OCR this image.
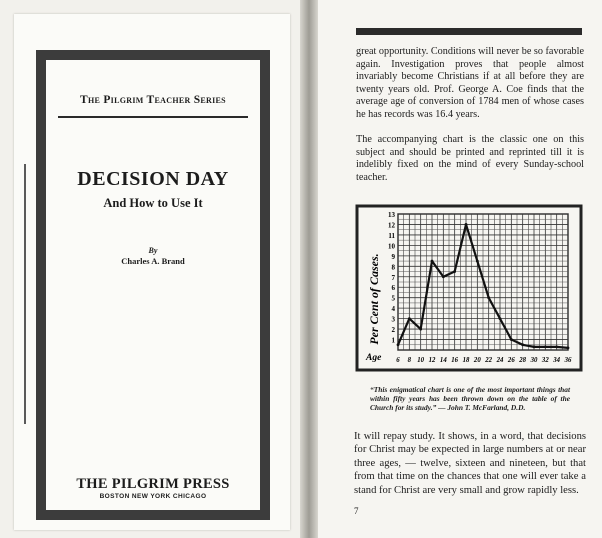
The Pilgrim Teacher Series
DECISION DAY
And How to Use It
By
Charles A. Brand
THE PILGRIM PRESS
BOSTON NEW YORK CHICAGO
great opportunity. Conditions will never be so favorable again. Investigation proves that people almost invariably become Christians if at all before they are twenty years old. Prof. George A. Coe finds that the average age of conversion of 1784 men of whose cases he has records was 16.4 years.
The accompanying chart is the classic one on this subject and should be printed and reprinted till it is indelibly fixed on the mind of every Sunday-school teacher.
Per Cent of Cases.
Age
1
2
3
4
5
6
7
8
9
10
11
12
13
6 8 10 12 14 16 18 20 22 24 26 28 30 32 34 36
“This enigmatical chart is one of the most important things that within fifty years has been thrown down on the table of the Church for its study.” — John T. McFarland, D.D.
It will repay study. It shows, in a word, that decisions for Christ may be expected in large numbers at or near three ages, — twelve, sixteen and nineteen, but that from that time on the chances that one will ever take a stand for Christ are very small and grow rapidly less.
7
